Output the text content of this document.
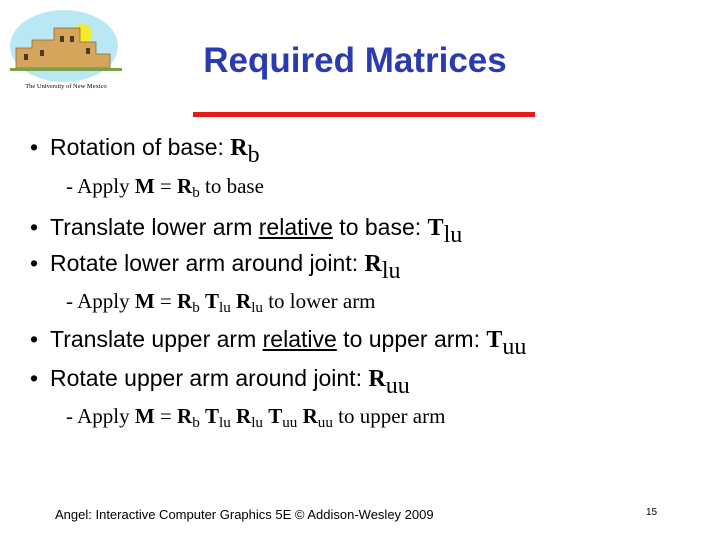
The University of New Mexico
Required Matrices
• Rotation of base: Rb
- Apply $M = R_b$ to base
• Translate lower arm relative to base: Tlu
• Rotate lower arm around joint: Rlu
- Apply $M = R_b$ $T_{lu}$ $R_{lu}$ to lower arm
• Translate upper arm relative to upper arm: Tuu
• Rotate upper arm around joint: Ruu
- Apply $M = R_b$ $T_{lu}$ $R_{lu}$ $T_{uu}$ $R_{uu}$ to upper arm
Angel: Interactive Computer Graphics 5E © Addison-Wesley 2009	15
